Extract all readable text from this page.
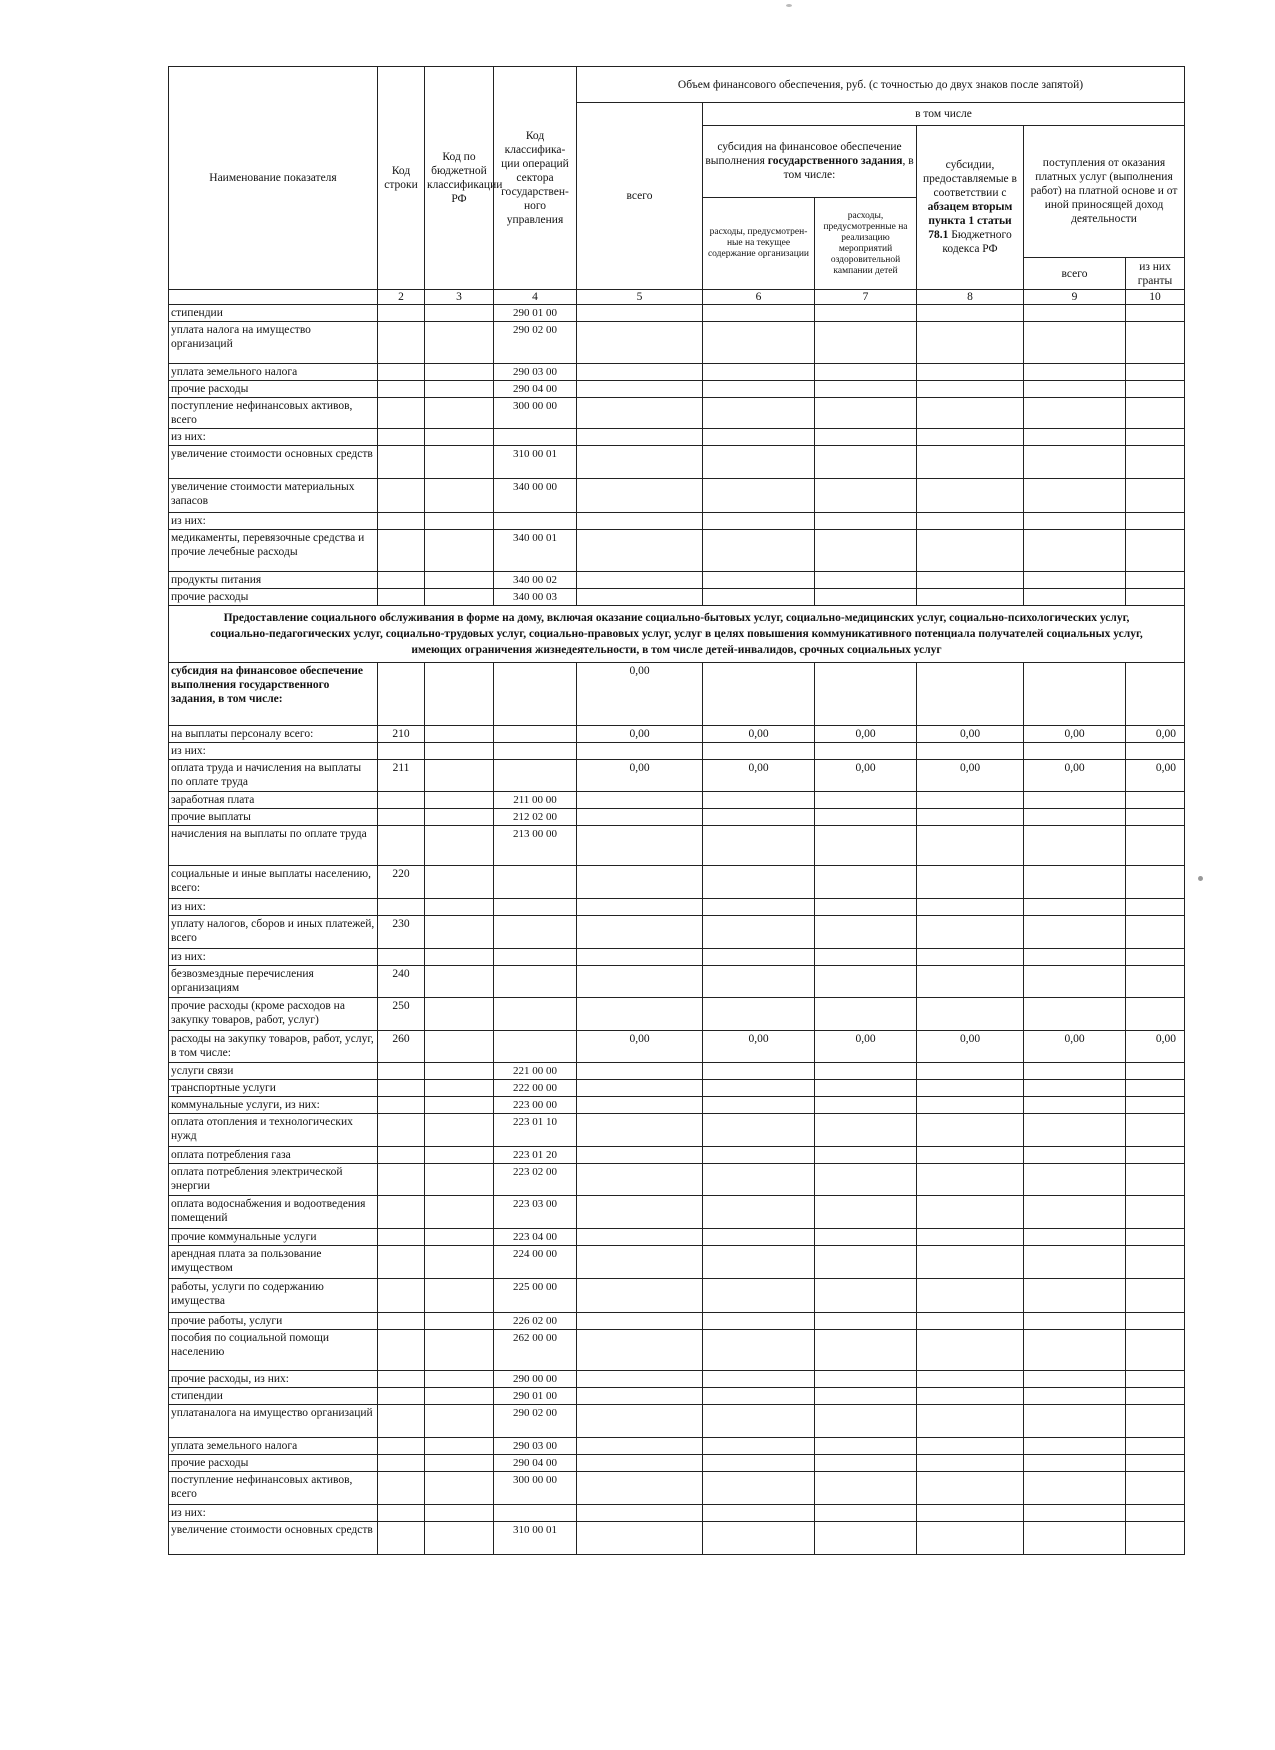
Наименование показателя	Код строки	Код по бюджетной классификации РФ	Код классифика-ции операций сектора государствен-ного управления	Объем финансового обеспечения, руб. (с точностью до двух знаков после запятой)					
				всего	в том числе				
					субсидия на финансовое обеспечение выполнения государственного задания, в том числе:		субсидии, предоставляемые в соответствии с абзацем вторым пункта 1 статьи 78.1 Бюджетного кодекса РФ	поступления от оказания платных услуг (выполнения работ) на платной основе и от иной приносящей доход деятельности	
					расходы, предусмотрен-ные на текущее содержание организации	расходы, предусмотренные на реализацию мероприятий оздоровительной кампании детей			
								всего	из них гранты
	2	3	4	5	6	7	8	9	10
стипендии			290 01 00						
уплата налога на имущество организаций			290 02 00						
уплата земельного налога			290 03 00						
прочие расходы			290 04 00						
поступление нефинансовых активов, всего			300 00 00						
из них:									
увеличение стоимости основных средств			310 00 01						
увеличение стоимости материальных запасов			340 00 00						
из них:									
медикаменты, перевязочные средства и прочие лечебные расходы			340 00 01						
продукты питания			340 00 02						
прочие расходы			340 00 03						
Предоставление социального обслуживания в форме на дому, включая оказание социально-бытовых услуг, социально-медицинских услуг, социально-психологических услуг, социально-педагогических услуг, социально-трудовых услуг, социально-правовых услуг, услуг в целях повышения коммуникативного потенциала получателей социальных услуг, имеющих ограничения жизнедеятельности, в том числе детей-инвалидов, срочных социальных услуг									
субсидия на финансовое обеспечение выполнения государственного задания, в том числе:				0,00					
на выплаты персоналу всего:	210			0,00	0,00	0,00	0,00	0,00	0,00
из них:									
оплата труда и начисления на выплаты по оплате труда	211			0,00	0,00	0,00	0,00	0,00	0,00
заработная плата			211 00 00						
прочие выплаты			212 02 00						
начисления на выплаты по оплате труда			213 00 00						
социальные и иные выплаты населению, всего:	220								
из них:									
уплату налогов, сборов и иных платежей, всего	230								
из них:									
безвозмездные перечисления организациям	240								
прочие расходы (кроме расходов на закупку товаров, работ, услуг)	250								
расходы на закупку товаров, работ, услуг, в том числе:	260			0,00	0,00	0,00	0,00	0,00	0,00
услуги связи			221 00 00						
транспортные услуги			222 00 00						
коммунальные услуги, из них:			223 00 00						
оплата отопления и технологических нужд			223 01 10						
оплата потребления газа			223 01 20						
оплата потребления электрической энергии			223 02 00						
оплата водоснабжения и водоотведения помещений			223 03 00						
прочие коммунальные услуги			223 04 00						
арендная плата за пользование имуществом			224 00 00						
работы, услуги по содержанию имущества			225 00 00						
прочие работы, услуги			226 02 00						
пособия по социальной помощи населению			262 00 00						
прочие расходы, из них:			290 00 00						
стипендии			290 01 00						
уплатаналога на имущество организаций			290 02 00						
уплата земельного налога			290 03 00						
прочие расходы			290 04 00						
поступление нефинансовых активов, всего			300 00 00						
из них:									
увеличение стоимости основных средств			310 00 01						
